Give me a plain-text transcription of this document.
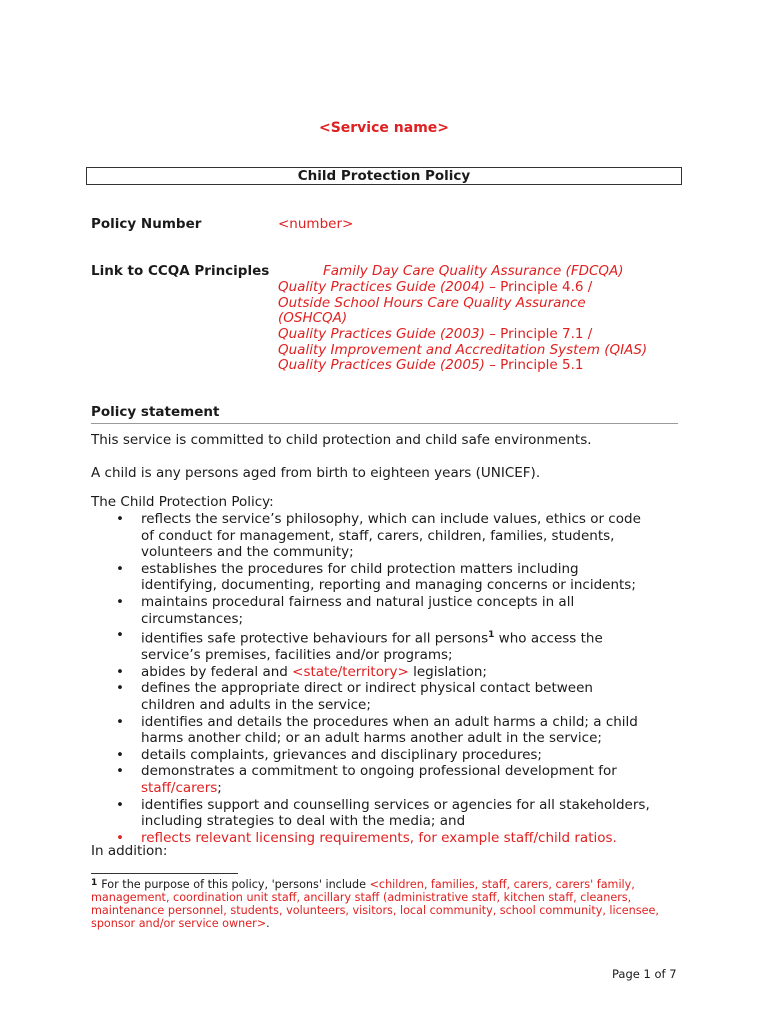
<Service name>
Child Protection Policy
Policy Number	<number>
Link to CCQA Principles	Family Day Care Quality Assurance (FDCQA)
Quality Practices Guide (2004) – Principle 4.6 /
Outside School Hours Care Quality Assurance
(OSHCQA)
Quality Practices Guide (2003) – Principle 7.1 /
Quality Improvement and Accreditation System (QIAS)
Quality Practices Guide (2005) – Principle 5.1
Policy statement
This service is committed to child protection and child safe environments.
A child is any persons aged from birth to eighteen years (UNICEF).
The Child Protection Policy:
• reflects the service’s philosophy, which can include values, ethics or code
of conduct for management, staff, carers, children, families, students,
volunteers and the community;
• establishes the procedures for child protection matters including
identifying, documenting, reporting and managing concerns or incidents;
• maintains procedural fairness and natural justice concepts in all
circumstances;
• identifies safe protective behaviours for all persons$^1$ who access the
service’s premises, facilities and/or programs;
• abides by federal and <state/territory> legislation;
• defines the appropriate direct or indirect physical contact between
children and adults in the service;
• identifies and details the procedures when an adult harms a child; a child
harms another child; or an adult harms another adult in the service;
• details complaints, grievances and disciplinary procedures;
• demonstrates a commitment to ongoing professional development for
staff/carers;
• identifies support and counselling services or agencies for all stakeholders,
including strategies to deal with the media; and
• reflects relevant licensing requirements, for example staff/child ratios.
In addition:
$^1$ For the purpose of this policy, 'persons' include <children, families, staff, carers, carers' family, management, coordination unit staff, ancillary staff (administrative staff, kitchen staff, cleaners, maintenance personnel, students, volunteers, visitors, local community, school community, licensee, sponsor and/or service owner>.
Page 1 of 7
